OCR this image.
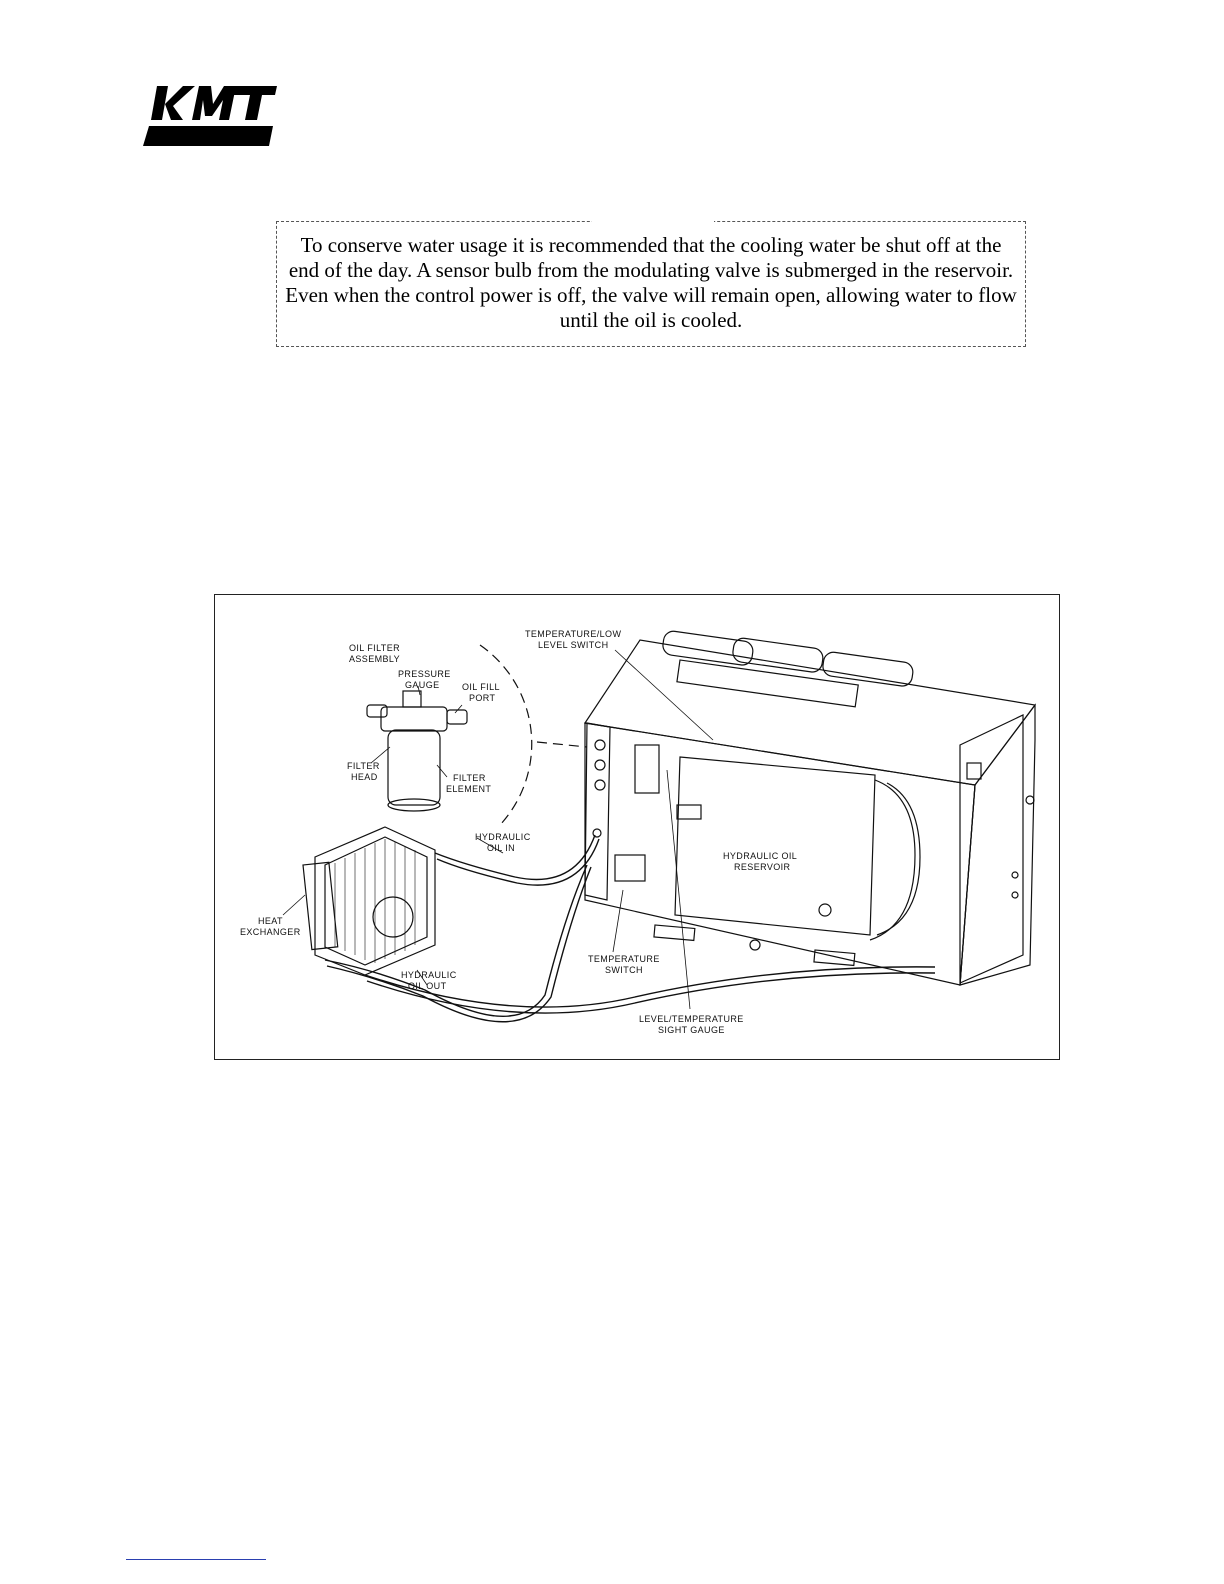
To conserve water usage it is recommended that the cooling water be shut off at the end of the day. A sensor bulb from the modulating valve is submerged in the reservoir. Even when the control power is off, the valve will remain open, allowing water to flow until the oil is cooled.
OIL FILTER
ASSEMBLY
PRESSURE
GAUGE OIL FILL
PORT
FILTER
HEAD	FILTER
ELEMENT
TEMPERATURE/LOW
LEVEL SWITCH
HYDRAULIC
OIL IN
HYDRAULIC OIL
RESERVOIR
HEAT
EXCHANGER
TEMPERATURE
SWITCH
HYDRAULIC
OIL OUT
LEVEL/TEMPERATURE
SIGHT GAUGE
